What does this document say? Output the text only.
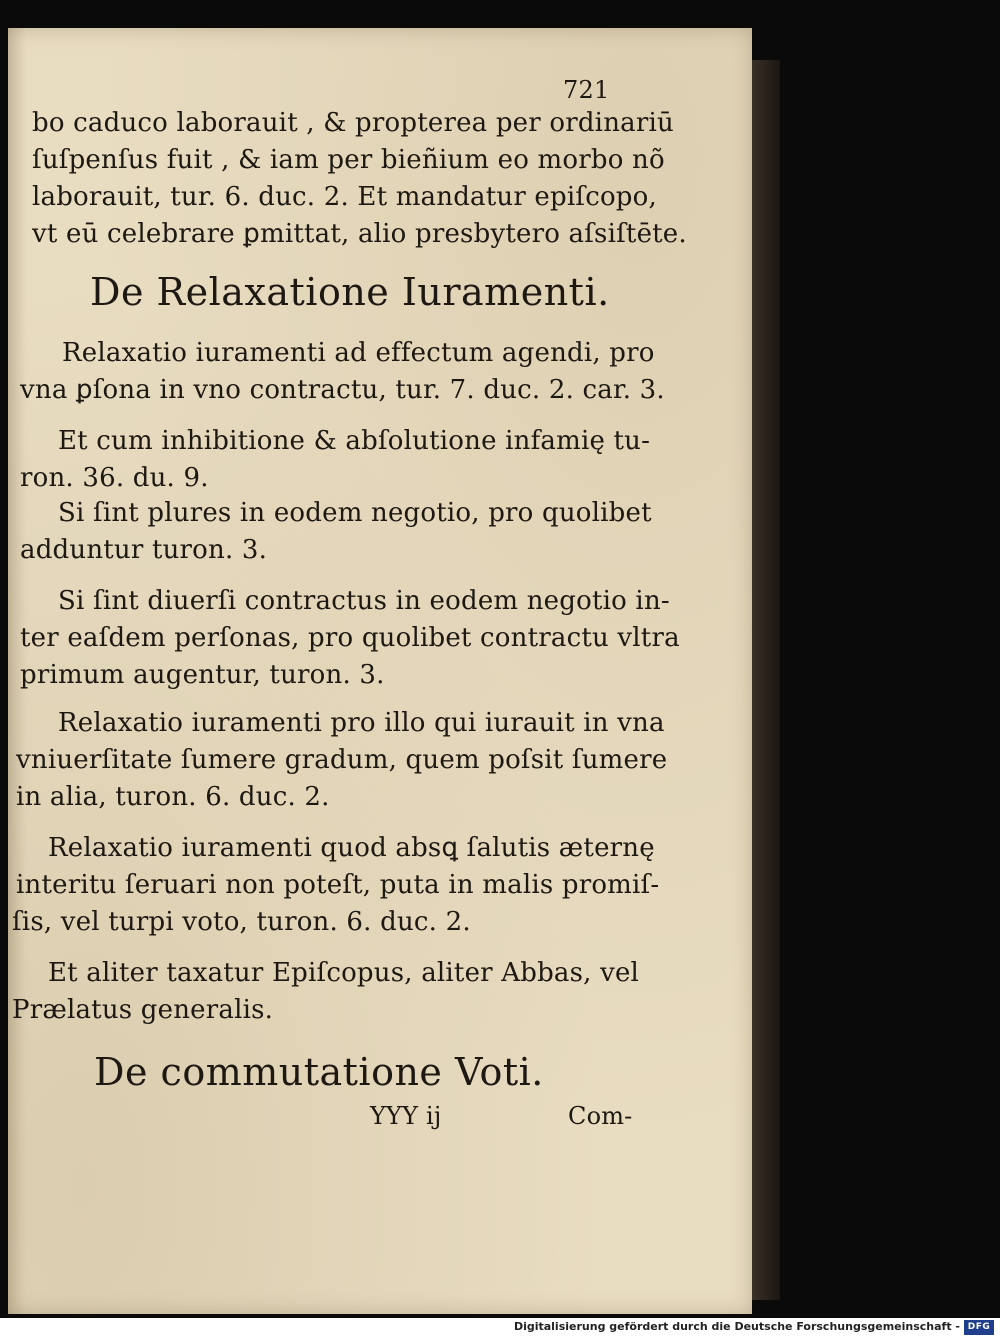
721
bo caduco laborauit , & propterea per ordinariū
ſuſpenſus fuit , & iam per bieñium eo morbo nõ
laborauit, tur. 6. duc. 2. Et mandatur epiſcopo,
vt eū celebrare ꝑmittat, alio presbytero aſsiſtēte.
De Relaxatione Iuramenti.
Relaxatio iuramenti ad effectum agendi, pro
vna ꝑſona in vno contractu, tur. 7. duc. 2. car. 3.
Et cum inhibitione & abſolutione infamię tu-
ron. 36. du. 9.
Si ſint plures in eodem negotio, pro quolibet
adduntur turon. 3.
Si ſint diuerſi contractus in eodem negotio in-
ter eaſdem perſonas, pro quolibet contractu vltra
primum augentur, turon. 3.
Relaxatio iuramenti pro illo qui iurauit in vna
vniuerſitate ſumere gradum, quem poſsit ſumere
in alia, turon. 6. duc. 2.
Relaxatio iuramenti quod absꝗ ſalutis æternę
interitu ſeruari non poteſt, puta in malis promiſ-
ſis, vel turpi voto, turon. 6. duc. 2.
Et aliter taxatur Epiſcopus, aliter Abbas, vel
Prælatus generalis.
De commutatione Voti.
YYY ij	Com-
Digitalisierung gefördert durch die Deutsche Forschungsgemeinschaft - DFG
